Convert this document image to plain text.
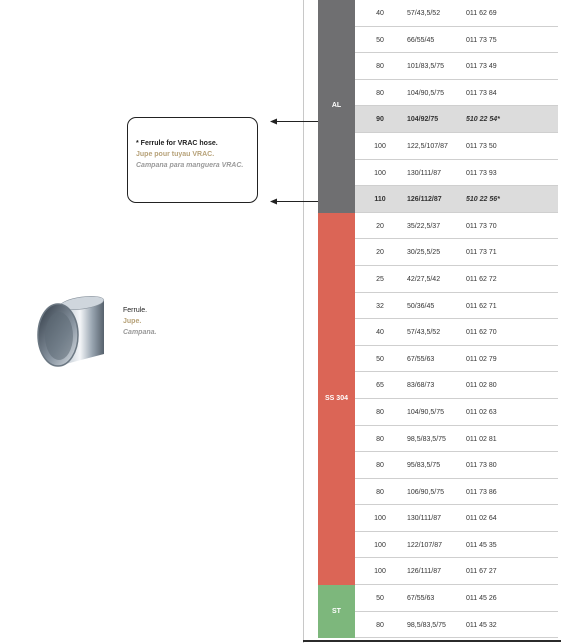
* Ferrule for VRAC hose.
Jupe pour tuyau VRAC.
Campana para manguera VRAC.
Ferrule.
Jupe.
Campana.
AL
SS 304
ST
40	57/43,5/52	011 62 69
50	66/55/45	011 73 75
80	101/83,5/75	011 73 49
80	104/90,5/75	011 73 84
90	104/92/75	510 22 54*
100	122,5/107/87	011 73 50
100	130/111/87	011 73 93
110	126/112/87	510 22 56*
20	35/22,5/37	011 73 70
20	30/25,5/25	011 73 71
25	42/27,5/42	011 62 72
32	50/36/45	011 62 71
40	57/43,5/52	011 62 70
50	67/55/63	011 02 79
65	83/68/73	011 02 80
80	104/90,5/75	011 02 63
80	98,5/83,5/75	011 02 81
80	95/83,5/75	011 73 80
80	106/90,5/75	011 73 86
100	130/111/87	011 02 64
100	122/107/87	011 45 35
100	126/111/87	011 67 27
50	67/55/63	011 45 26
80	98,5/83,5/75	011 45 32
